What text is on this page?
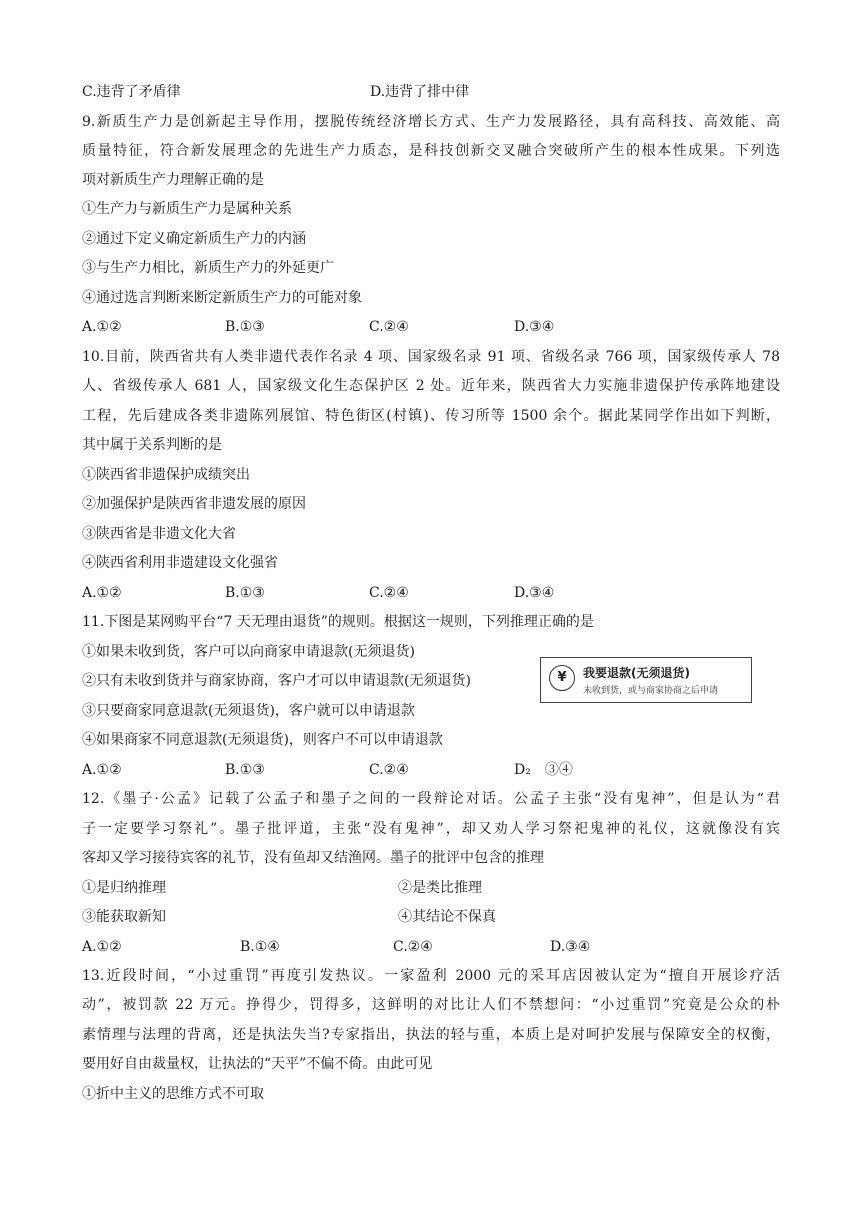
C.违背了矛盾律	D.违背了排中律
9.新质生产力是创新起主导作用，摆脱传统经济增长方式、生产力发展路径，具有高科技、高效能、高
质量特征，符合新发展理念的先进生产力质态，是科技创新交叉融合突破所产生的根本性成果。下列选
项对新质生产力理解正确的是
①生产力与新质生产力是属种关系
②通过下定义确定新质生产力的内涵
③与生产力相比，新质生产力的外延更广
④通过选言判断来断定新质生产力的可能对象
A.①②	B.①③	C.②④	D.③④
10.目前，陕西省共有人类非遗代表作名录 4 项、国家级名录 91 项、省级名录 766 项，国家级传承人 78
人、省级传承人 681 人，国家级文化生态保护区 2 处。近年来，陕西省大力实施非遗保护传承阵地建设
工程，先后建成各类非遗陈列展馆、特色街区(村镇)、传习所等 1500 余个。据此某同学作出如下判断，
其中属于关系判断的是
①陕西省非遗保护成绩突出
②加强保护是陕西省非遗发展的原因
③陕西省是非遗文化大省
④陕西省利用非遗建设文化强省
A.①②	B.①③	C.②④	D.③④
11.下图是某网购平台“7 天无理由退货”的规则。根据这一规则，下列推理正确的是
①如果未收到货，客户可以向商家申请退款(无须退货)
②只有未收到货并与商家协商，客户才可以申请退款(无须退货)
③只要商家同意退款(无须退货)，客户就可以申请退款
④如果商家不同意退款(无须退货)，则客户不可以申请退款
¥	我要退款(无须退货)
未收到货，或与商家协商之后申请
A.①②	B.①③	C.②④	D₂　③④
12.《墨子·公孟》记载了公孟子和墨子之间的一段辩论对话。公孟子主张“没有鬼神”，但是认为“君
子一定要学习祭礼”。墨子批评道，主张“没有鬼神”，却又劝人学习祭祀鬼神的礼仪，这就像没有宾
客却又学习接待宾客的礼节，没有鱼却又结渔网。墨子的批评中包含的推理
①是归纳推理	②是类比推理
③能获取新知	④其结论不保真
A.①②	B.①④	C.②④	D.③④
13.近段时间，“小过重罚”再度引发热议。一家盈利 2000 元的采耳店因被认定为“擅自开展诊疗活
动”，被罚款 22 万元。挣得少，罚得多，这鲜明的对比让人们不禁想问：“小过重罚”究竟是公众的朴
素情理与法理的背离，还是执法失当?专家指出，执法的轻与重，本质上是对呵护发展与保障安全的权衡，
要用好自由裁量权，让执法的“天平”不偏不倚。由此可见
①折中主义的思维方式不可取
